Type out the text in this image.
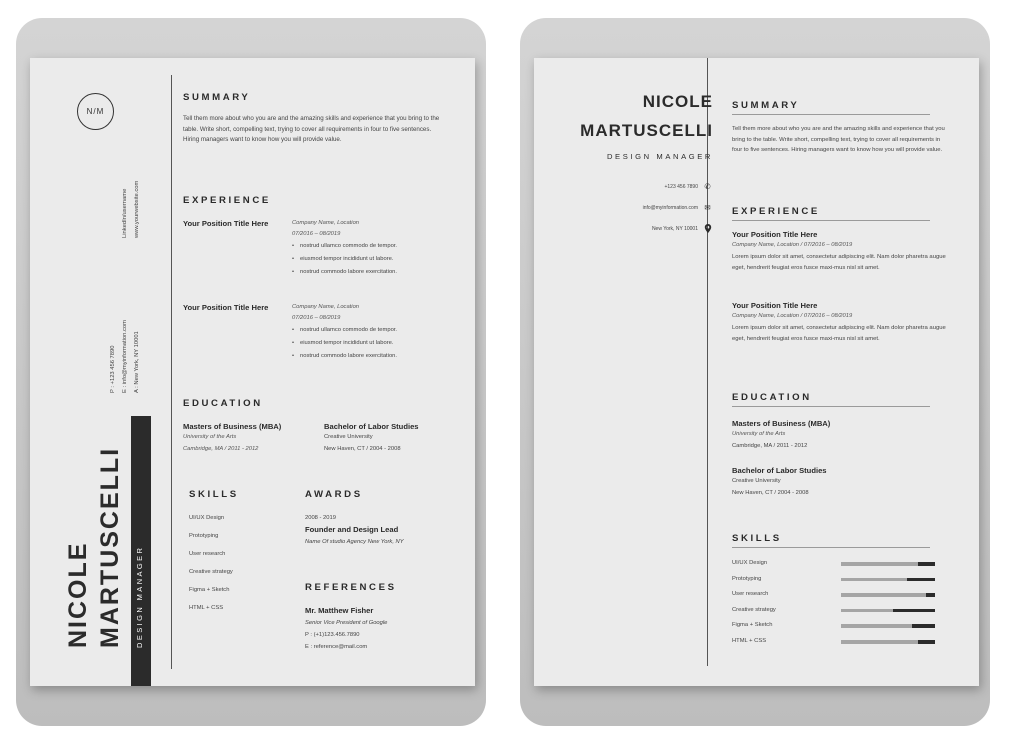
N/M
P : +123 456 7890 E : info@myinformation.com A : New York, NY 10001
LinkedIn/username www.yourwebsite.com
NICOLE MARTUSCELLI DESIGN MANAGER
SUMMARY
Tell them more about who you are and the amazing skills and experience that you bring to the table. Write short, compelling text, trying to cover all requirements in four to five sentences. Hiring managers want to know how you will provide value.
EXPERIENCE
Your Position Title Here	Company Name, Location
07/2016 – 08/2019
• nostrud ullamco commodo de tempor.
• eiusmod tempor incididunt ut labore.
• nostrud commodo labore exercitation.
Your Position Title Here	Company Name, Location
07/2016 – 08/2019
• nostrud ullamco commodo de tempor.
• eiusmod tempor incididunt ut labore.
• nostrud commodo labore exercitation.
EDUCATION
Masters of Business (MBA)
University of the Arts
Cambridge, MA / 2011 - 2012
Bachelor of Labor Studies
Creative University
New Haven, CT / 2004 - 2008
SKILLS
UI/UX Design
Prototyping
User research
Creative strategy
Figma + Sketch
HTML + CSS
AWARDS
2008 - 2019
Founder and Design Lead
Name Of studio Agency New York, NY
REFERENCES
Mr. Matthew Fisher
Senior Vice President of Google
P : (+1)123.456.7890
E : reference@mail.com
NICOLE
MARTUSCELLI
DESIGN MANAGER
+123 456 7890 ✆
info@myinformation.com ✉
New York, NY 10001
SUMMARY
Tell them more about who you are and the amazing skills and experience that you bring to the table. Write short, compelling text, trying to cover all requirements in four to five sentences. Hiring managers want to know how you will provide value.
EXPERIENCE
Your Position Title Here
Company Name, Location / 07/2016 – 08/2019
Lorem ipsum dolor sit amet, consectetur adipiscing elit. Nam dolor pharetra augue eget, hendrerit feugiat eros fusce maxi-mus nisl sit amet.
Your Position Title Here
Company Name, Location / 07/2016 – 08/2019
Lorem ipsum dolor sit amet, consectetur adipiscing elit. Nam dolor pharetra augue eget, hendrerit feugiat eros fusce maxi-mus nisl sit amet.
EDUCATION
Masters of Business (MBA)
University of the Arts
Cambridge, MA / 2011 - 2012
Bachelor of Labor Studies
Creative University
New Haven, CT / 2004 - 2008
SKILLS
UI/UX Design
Prototyping
User research
Creative strategy
Figma + Sketch
HTML + CSS
